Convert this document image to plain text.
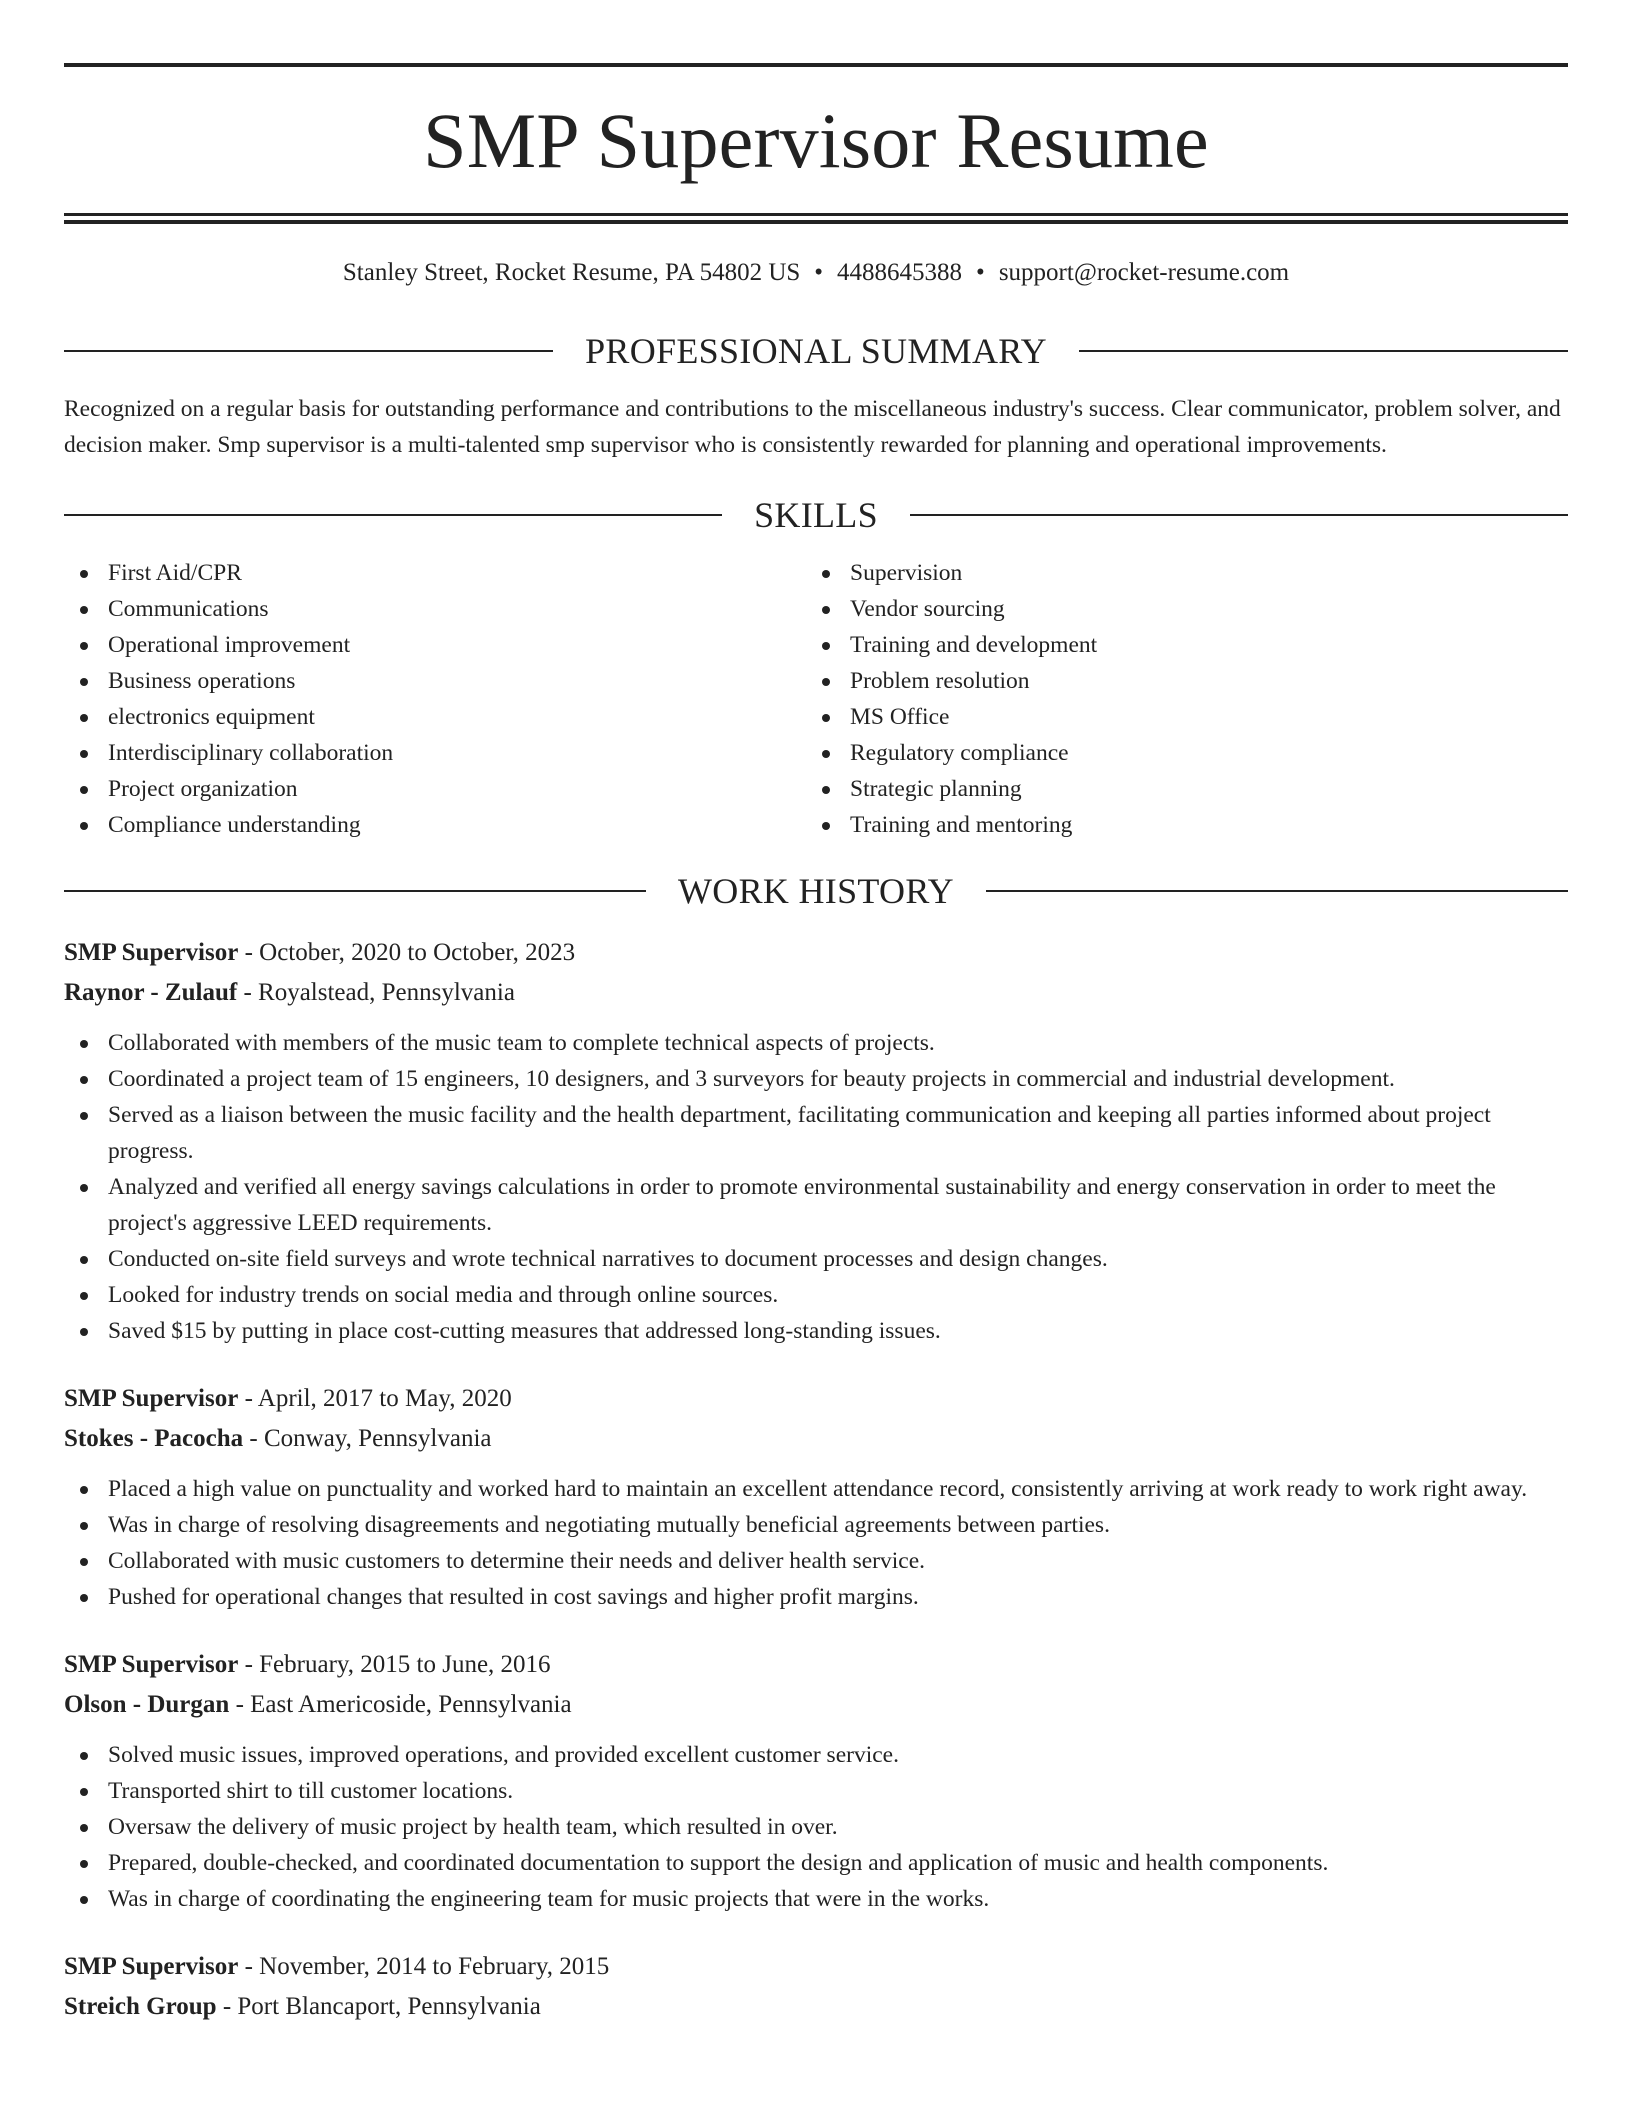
SMP Supervisor Resume
Stanley Street, Rocket Resume, PA 54802 US • 4488645388 • support@rocket-resume.com
PROFESSIONAL SUMMARY
Recognized on a regular basis for outstanding performance and contributions to the miscellaneous industry's success. Clear communicator, problem solver, and decision maker. Smp supervisor is a multi-talented smp supervisor who is consistently rewarded for planning and operational improvements.
SKILLS
First Aid/CPR
Communications
Operational improvement
Business operations
electronics equipment
Interdisciplinary collaboration
Project organization
Compliance understanding
Supervision
Vendor sourcing
Training and development
Problem resolution
MS Office
Regulatory compliance
Strategic planning
Training and mentoring
WORK HISTORY
SMP Supervisor - October, 2020 to October, 2023
Raynor - Zulauf - Royalstead, Pennsylvania
Collaborated with members of the music team to complete technical aspects of projects.
Coordinated a project team of 15 engineers, 10 designers, and 3 surveyors for beauty projects in commercial and industrial development.
Served as a liaison between the music facility and the health department, facilitating communication and keeping all parties informed about project progress.
Analyzed and verified all energy savings calculations in order to promote environmental sustainability and energy conservation in order to meet the project's aggressive LEED requirements.
Conducted on-site field surveys and wrote technical narratives to document processes and design changes.
Looked for industry trends on social media and through online sources.
Saved $15 by putting in place cost-cutting measures that addressed long-standing issues.
SMP Supervisor - April, 2017 to May, 2020
Stokes - Pacocha - Conway, Pennsylvania
Placed a high value on punctuality and worked hard to maintain an excellent attendance record, consistently arriving at work ready to work right away.
Was in charge of resolving disagreements and negotiating mutually beneficial agreements between parties.
Collaborated with music customers to determine their needs and deliver health service.
Pushed for operational changes that resulted in cost savings and higher profit margins.
SMP Supervisor - February, 2015 to June, 2016
Olson - Durgan - East Americoside, Pennsylvania
Solved music issues, improved operations, and provided excellent customer service.
Transported shirt to till customer locations.
Oversaw the delivery of music project by health team, which resulted in over.
Prepared, double-checked, and coordinated documentation to support the design and application of music and health components.
Was in charge of coordinating the engineering team for music projects that were in the works.
SMP Supervisor - November, 2014 to February, 2015
Streich Group - Port Blancaport, Pennsylvania
